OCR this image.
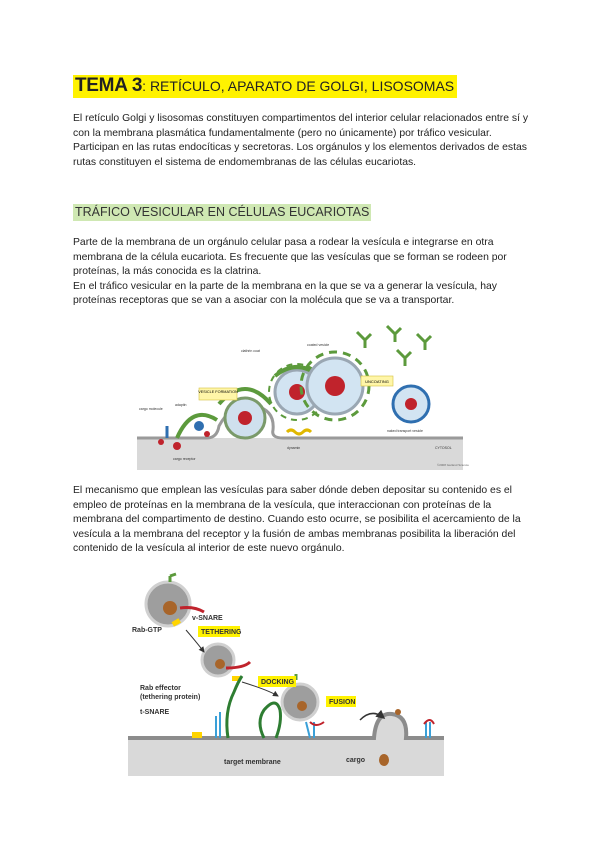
TEMA 3: RETÍCULO, APARATO DE GOLGI, LISOSOMAS

El retículo Golgi y lisosomas constituyen compartimentos del interior celular relacionados entre sí y con la membrana plasmática fundamentalmente (pero no únicamente) por tráfico vesicular. Participan en las rutas endocíticas y secretoras. Los orgánulos y los elementos derivados de estas rutas constituyen el sistema de endomembranas de las células eucariotas.

TRÁFICO VESICULAR EN CÉLULAS EUCARIOTAS
Parte de la membrana de un orgánulo celular pasa a rodear la vesícula e integrarse en otra membrana de la célula eucariota. Es frecuente que las vesículas que se forman se rodeen por proteínas, la más conocida es la clatrina.
En el tráfico vesicular en la parte de la membrana en la que se va a generar la vesícula, hay proteínas receptoras que se van a asociar con la molécula que se va a transportar.
VESICLE FORMATION
UNCOATING
clathrin coat
coated vesicle
adaptin
cargo receptor
cargo molecule
dynamin
naked transport vesicle
CYTOSOL
©2008 Garland Science

El mecanismo que emplean las vesículas para saber dónde deben depositar su contenido es el empleo de proteínas en la membrana de la vesícula, que interaccionan con proteínas de la membrana del compartimento de destino. Cuando esto ocurre, se posibilita el acercamiento de la vesícula a la membrana del receptor y la fusión de ambas membranas posibilita la liberación del contenido de la vesícula al interior de este nuevo orgánulo.

v-SNARE
Rab-GTP	TETHERING
DOCKING
Rab effector
(tethering protein)
FUSION
t-SNARE
target membrane	cargo
